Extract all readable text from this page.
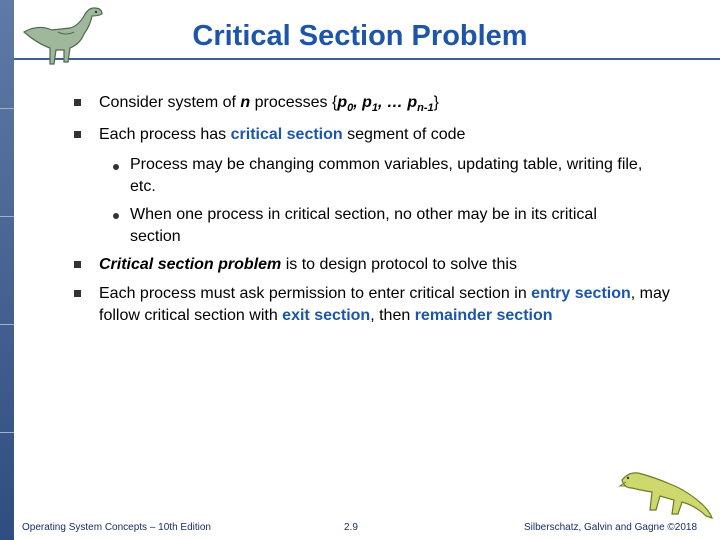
Critical Section Problem
Consider system of n processes {$p_0$, $p_1$, … $p_{n-1}$}
Each process has critical section segment of code
Process may be changing common variables, updating table, writing file, etc.
When one process in critical section, no other may be in its critical section
Critical section problem is to design protocol to solve this
Each process must ask permission to enter critical section in entry section, may follow critical section with exit section, then remainder section
Operating System Concepts – 10th Edition	2.9	Silberschatz, Galvin and Gagne ©2018
